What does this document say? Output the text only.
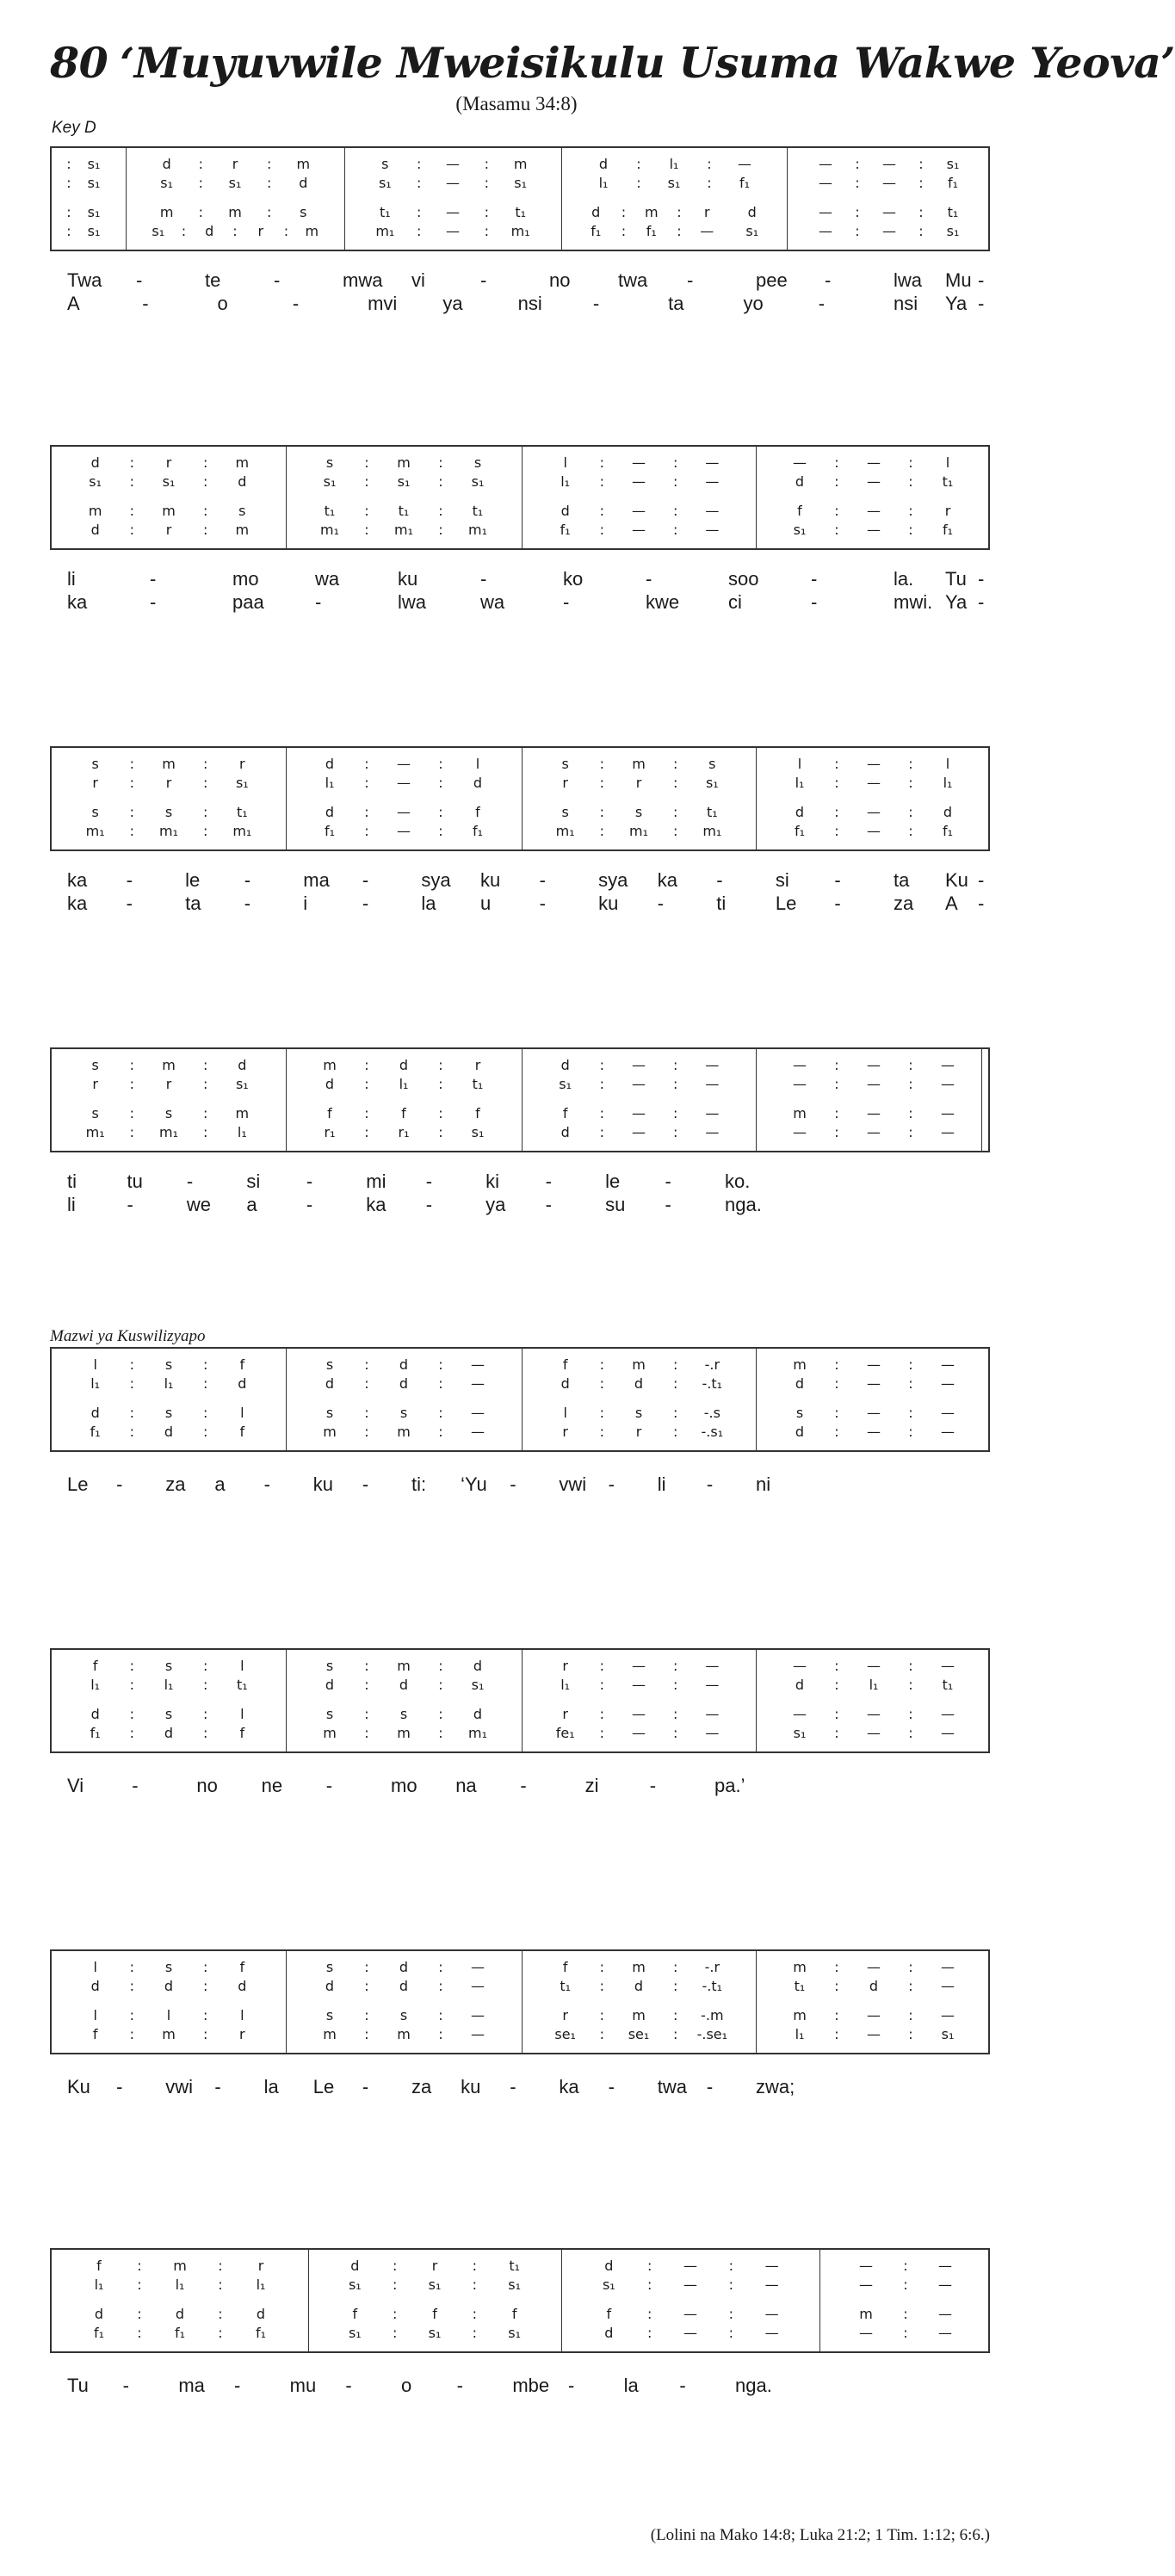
80 ‘Muyuvwile Mweisikulu Usuma Wakwe Yeova’
(Masamu 34:8)
Key D
:	s₁	d	:	r	:	m	s	:	—	:	m	d	:	l₁	:	—	—	:	—	:	s₁
:	s₁	s₁	:	s₁	:	d	s₁	:	—	:	s₁	l₁	:	s₁	:	f₁	—	:	—	:	f₁
:	s₁	m	:	m	:	s	t₁	:	—	:	t₁	d	:	m	:	r	d	—	:	—	:	t₁
:	s₁	s₁	:	d	:	r	:	m	m₁	:	—	:	m₁	f₁	:	f₁	:	—	s₁	—	:	—	:	s₁
Twa -	te	-	mwa vi	-	no	twa -	pee -	lwa Mu -
A	-	o	-	mvi ya	nsi	-	ta	yo	-	nsi Ya -
d	:	r	:	m	s	:	m	:	s	l	:	—	:	—	—	:	—	:	l
s₁	:	s₁	:	d	s₁	:	s₁	:	s₁	l₁	:	—	:	—	d	:	—	:	t₁
m	:	m	:	s	t₁	:	t₁	:	t₁	d	:	—	:	—	f	:	—	:	r
d	:	r	:	m	m₁	:	m₁	:	m₁	f₁	:	—	:	—	s₁	:	—	:	f₁
li	-	mo	wa	ku	-	ko	-	soo	-	la. Tu -
ka	-	paa	-	lwa	wa	-	kwe	ci	-	mwi. Ya -
s	:	m	:	r	d	:	—	:	l	s	:	m	:	s	l	:	—	:	l
r	:	r	:	s₁	l₁	:	—	:	d	r	:	r	:	s₁	l₁	:	—	:	l₁
s	:	s	:	t₁	d	:	—	:	f	s	:	s	:	t₁	d	:	—	:	d
m₁	:	m₁	:	m₁	f₁	:	—	:	f₁	m₁	:	m₁	:	m₁	f₁	:	—	:	f₁
ka -	le -	ma -	sya ku -	sya ka -	si -	ta Ku -
ka -	ta -	i	-	la u	-	ku -	ti	Le -	za A -
s	:	m	:	d	m	:	d	:	r	d	:	—	:	—	—	:	—	:	—
r	:	r	:	s₁	d	:	l₁	:	t₁	s₁	:	—	:	—	—	:	—	:	—
s	:	s	:	m	f	:	f	:	f	f	:	—	:	—	m	:	—	:	—
m₁	:	m₁	:	l₁	r₁	:	r₁	:	s₁	d	:	—	:	—	—	:	—	:	—
ti	tu -	si -	mi -	ki -	le -	ko.
li	-	we a	-	ka -	ya -	su -	nga.
l	:	s	:	f	s	:	d	:	—	f	:	m	:	-.r	m	:	—	:	—
l₁	:	l₁	:	d	d	:	d	:	—	d	:	d	:	-.t₁	d	:	—	:	—
d	:	s	:	l	s	:	s	:	—	l	:	s	:	-.s	s	:	—	:	—
f₁	:	d	:	f	m	:	m	:	—	r	:	r	:	-.s₁	d	:	—	:	—
Le - za a - ku - ti: ‘Yu - vwi - li - ni
f	:	s	:	l	s	:	m	:	d	r	:	—	:	—	—	:	—	:	—
l₁	:	l₁	:	t₁	d	:	d	:	s₁	l₁	:	—	:	—	d	:	l₁	:	t₁
d	:	s	:	l	s	:	s	:	d	r	:	—	:	—	—	:	—	:	—
f₁	:	d	:	f	m	:	m	:	m₁	fe₁	:	—	:	—	s₁	:	—	:	—
Vi	-	no ne -	mo na -	zi	-	pa.’
l	:	s	:	f	s	:	d	:	—	f	:	m	:	-.r	m	:	—	:	—
d	:	d	:	d	d	:	d	:	—	t₁	:	d	:	-.t₁	t₁	:	d	:	—
l	:	l	:	l	s	:	s	:	—	r	:	m	:	-.m	m	:	—	:	—
f	:	m	:	r	m	:	m	:	—	se₁	:	se₁	:	-.se₁	l₁	:	—	:	s₁
Ku - vwi - la Le - za ku - ka - twa - zwa;
f	:	m	:	r	d	:	r	:	t₁	d	:	—	:	—	—	:	—
l₁	:	l₁	:	l₁	s₁	:	s₁	:	s₁	s₁	:	—	:	—	—	:	—
d	:	d	:	d	f	:	f	:	f	f	:	—	:	—	m	:	—
f₁	:	f₁	:	f₁	s₁	:	s₁	:	s₁	d	:	—	:	—	—	:	—
Tu -	ma -	mu -	o -	mbe -	la -	nga.
Mazwi ya Kuswilizyapo
(Lolini na Mako 14:8; Luka 21:2; 1 Tim. 1:12; 6:6.)
